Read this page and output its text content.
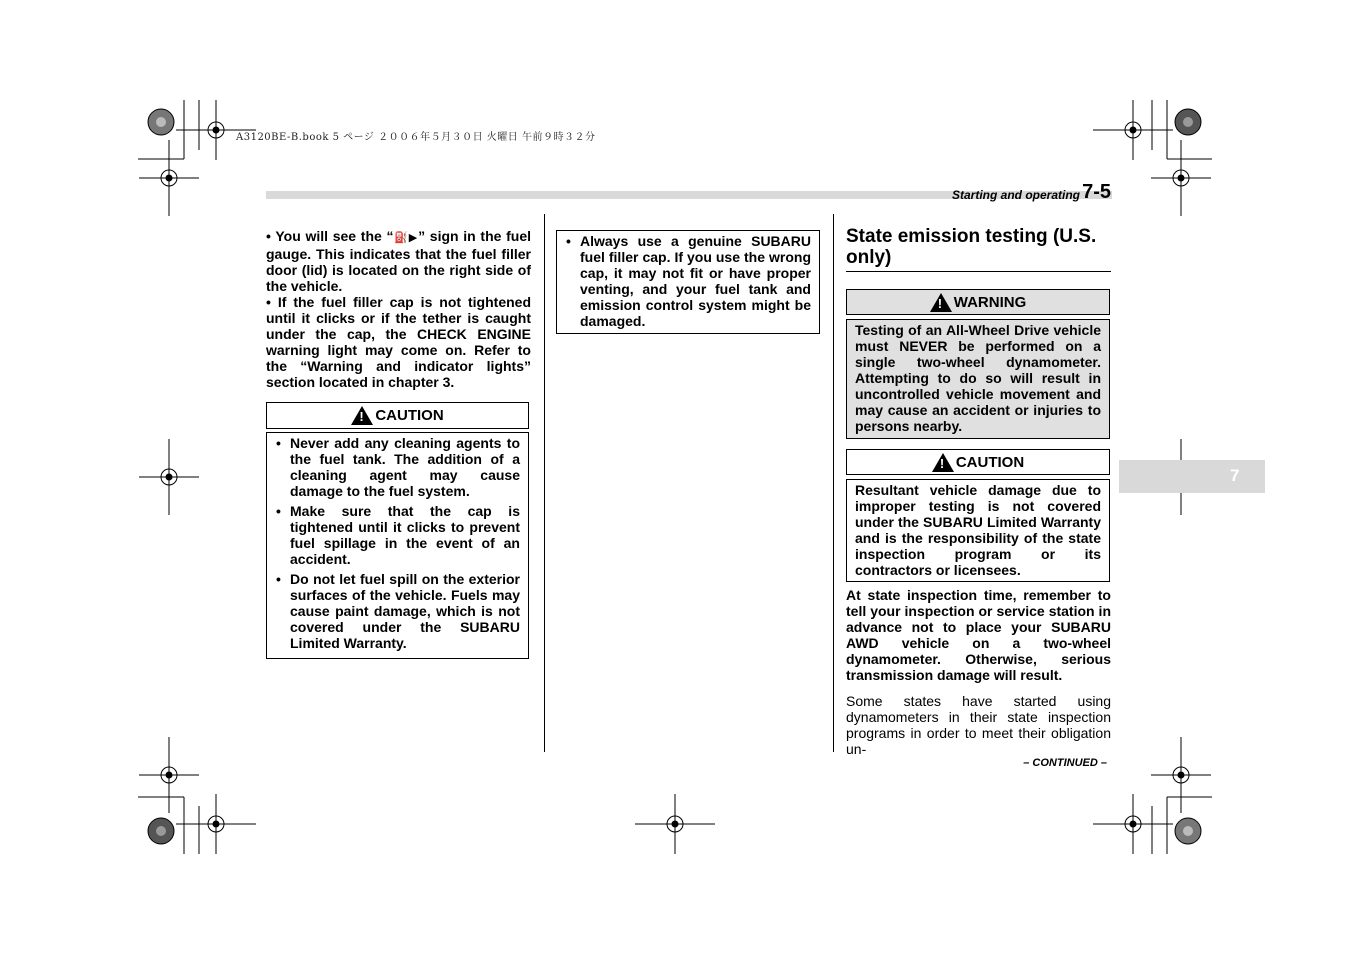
A3120BE-B.book 5 ページ ２００６年５月３０日 火曜日 午前９時３２分
Starting and operating 7-5

• You will see the “⛽▶” sign in the fuel gauge. This indicates that the fuel filler door (lid) is located on the right side of the vehicle.

• If the fuel filler cap is not tightened until it clicks or if the tether is caught under the cap, the CHECK ENGINE warning light may come on. Refer to the “Warning and indicator lights” section located in chapter 3.

!
CAUTION

• Never add any cleaning agents to the fuel tank. The addition of a cleaning agent may cause damage to the fuel system.

• Make sure that the cap is tightened until it clicks to prevent fuel spillage in the event of an accident.

• Do not let fuel spill on the exterior surfaces of the vehicle. Fuels may cause paint damage, which is not covered under the SUBARU Limited Warranty.

• Always use a genuine SUBARU fuel filler cap. If you use the wrong cap, it may not fit or have proper venting, and your fuel tank and emission control system might be damaged.

State emission testing (U.S. only)
!
WARNING
Testing of an All-Wheel Drive vehicle must NEVER be performed on a single two-wheel dynamometer. Attempting to do so will result in uncontrolled vehicle movement and may cause an accident or injuries to persons nearby.
!
CAUTION
Resultant vehicle damage due to improper testing is not covered under the SUBARU Limited Warranty and is the responsibility of the state inspection program or its contractors or licensees.
At state inspection time, remember to tell your inspection or service station in advance not to place your SUBARU AWD vehicle on a two-wheel dynamometer. Otherwise, serious transmission damage will result.
Some states have started using dynamometers in their state inspection programs in order to meet their obligation un-
– CONTINUED –
7
